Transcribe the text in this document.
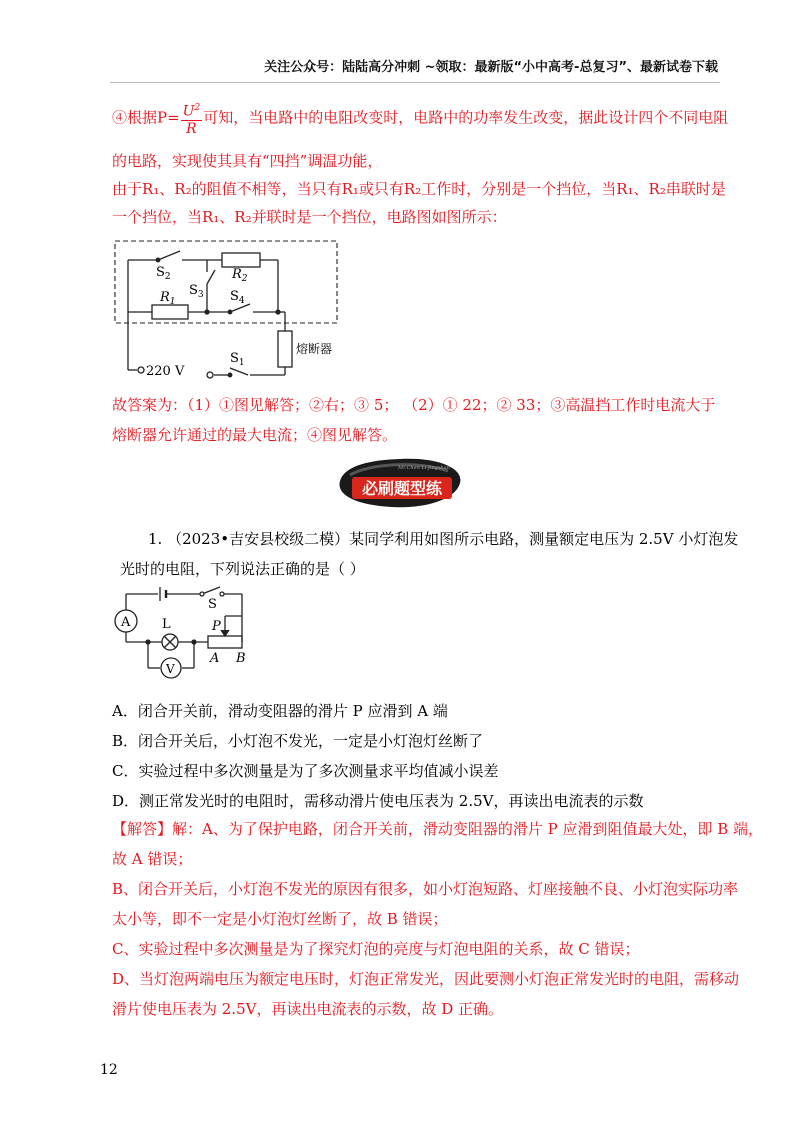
关注公众号：陆陆高分冲刺 ~领取：最新版“小中高考-总复习”、最新试卷下载
④根据$P= \frac{U^2}{R}$ 可知，当电路中的电阻改变时，电路中的功率发生改变，据此设计四个不同电阻
的电路，实现使其具有“四挡”调温功能，
由于R₁、R₂的阻值不相等，当只有R₁或只有R₂工作时，分别是一个挡位，当R₁、R₂串联时是
一个挡位，当R₁、R₂并联时是一个挡位，电路图如图所示：
$S_2$	$R_2$
$S_3$
$R_1$	$S_4$
$S_1$
220 V
熔断器
故答案为：（1）①图见解答；②右；③ 5； （2）① 22；② 33；③高温挡工作时电流大于
熔断器允许通过的最大电流；④图见解答。
必刷题型练
Mr.Chen Li Jingshan
1. （2023•吉安县校级二模）某同学利用如图所示电路，测量额定电压为 2.5V 小灯泡发
光时的电阻，下列说法正确的是（ ）
A
V
L
S
P
A B
A．闭合开关前，滑动变阻器的滑片 P 应滑到 A 端
B．闭合开关后，小灯泡不发光，一定是小灯泡灯丝断了
C．实验过程中多次测量是为了多次测量求平均值减小误差
D．测正常发光时的电阻时，需移动滑片使电压表为 2.5V，再读出电流表的示数
【解答】解：A、为了保护电路，闭合开关前，滑动变阻器的滑片 P 应滑到阻值最大处，即 B 端，
故 A 错误；
B、闭合开关后，小灯泡不发光的原因有很多，如小灯泡短路、灯座接触不良、小灯泡实际功率
太小等，即不一定是小灯泡灯丝断了，故 B 错误；
C、实验过程中多次测量是为了探究灯泡的亮度与灯泡电阻的关系，故 C 错误；
D、当灯泡两端电压为额定电压时，灯泡正常发光，因此要测小灯泡正常发光时的电阻，需移动
滑片使电压表为 2.5V，再读出电流表的示数，故 D 正确。
12
